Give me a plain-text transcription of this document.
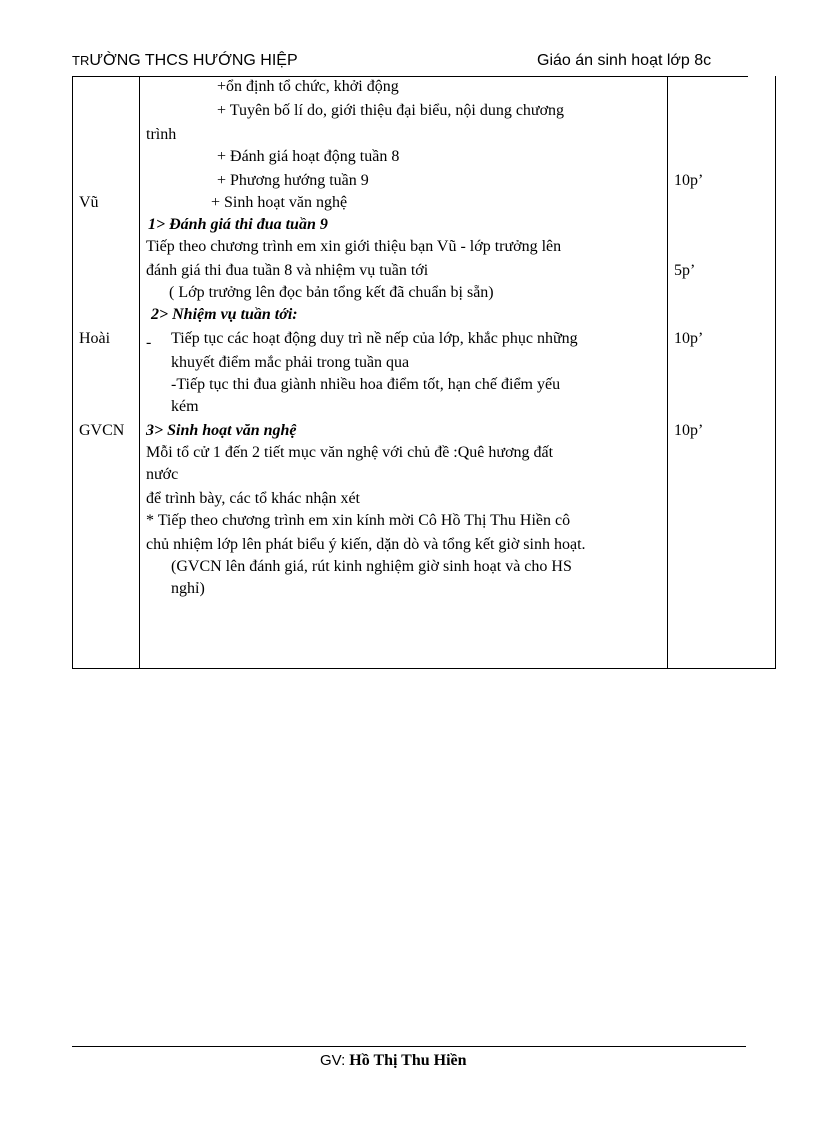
TRƯỜNG THCS HƯỚNG HIỆP	Giáo án sinh hoạt lớp 8c
Vũ
Hoài
GVCN
10p’
5p’
10p’
10p’
+ổn định tổ chức, khởi động
+ Tuyên bố lí do, giới thiệu đại biểu, nội dung chương
trình
+ Đánh giá hoạt động tuần 8
+ Phương hướng tuần 9
+ Sinh hoạt văn nghệ
1> Đánh giá thi đua tuần 9
Tiếp theo chương trình em xin giới thiệu bạn Vũ - lớp trưởng lên
đánh giá thi đua tuần 8 và nhiệm vụ tuần tới
( Lớp trưởng lên đọc bản tổng kết đã chuẩn bị sẵn)
2> Nhiệm vụ tuần tới:
- Tiếp tục các hoạt động duy trì nề nếp của lớp, khắc phục những
khuyết điểm mắc phải trong tuần qua
-Tiếp tục thi đua giành nhiều hoa điểm tốt, hạn chế điểm yếu
kém
3> Sinh hoạt văn nghệ
Mỗi tổ cử 1 đến 2 tiết mục văn nghệ với chủ đề :Quê hương đất
nước
để trình bày, các tổ khác nhận xét
* Tiếp theo chương trình em xin kính mời Cô Hồ Thị Thu Hiền cô
chủ nhiệm lớp lên phát biểu ý kiến, dặn dò và tổng kết giờ sinh hoạt.
(GVCN lên đánh giá, rút kinh nghiệm giờ sinh hoạt và cho HS
nghỉ)
GV: Hồ Thị Thu Hiền
